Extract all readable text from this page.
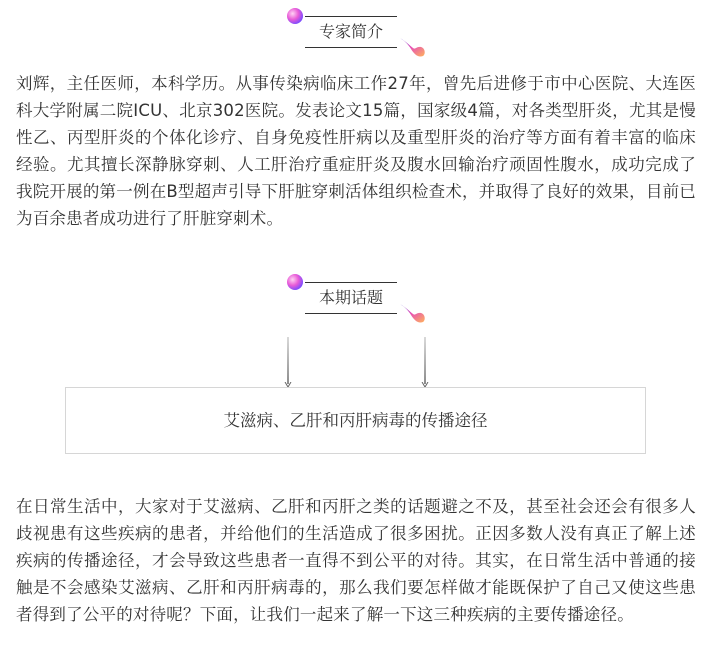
专家简介

刘辉，主任医师，本科学历。从事传染病临床工作27年，曾先后进修于市中心医院、大连医科大学附属二院ICU、北京302医院。发表论文15篇，国家级4篇，对各类型肝炎，尤其是慢性乙、丙型肝炎的个体化诊疗、自身免疫性肝病以及重型肝炎的治疗等方面有着丰富的临床经验。尤其擅长深静脉穿刺、人工肝治疗重症肝炎及腹水回输治疗顽固性腹水，成功完成了我院开展的第一例在B型超声引导下肝脏穿刺活体组织检查术，并取得了良好的效果，目前已为百余患者成功进行了肝脏穿刺术。

本期话题
艾滋病、乙肝和丙肝病毒的传播途径

在日常生活中，大家对于艾滋病、乙肝和丙肝之类的话题避之不及，甚至社会还会有很多人歧视患有这些疾病的患者，并给他们的生活造成了很多困扰。正因多数人没有真正了解上述疾病的传播途径，才会导致这些患者一直得不到公平的对待。其实，在日常生活中普通的接触是不会感染艾滋病、乙肝和丙肝病毒的，那么我们要怎样做才能既保护了自己又使这些患者得到了公平的对待呢？下面，让我们一起来了解一下这三种疾病的主要传播途径。
